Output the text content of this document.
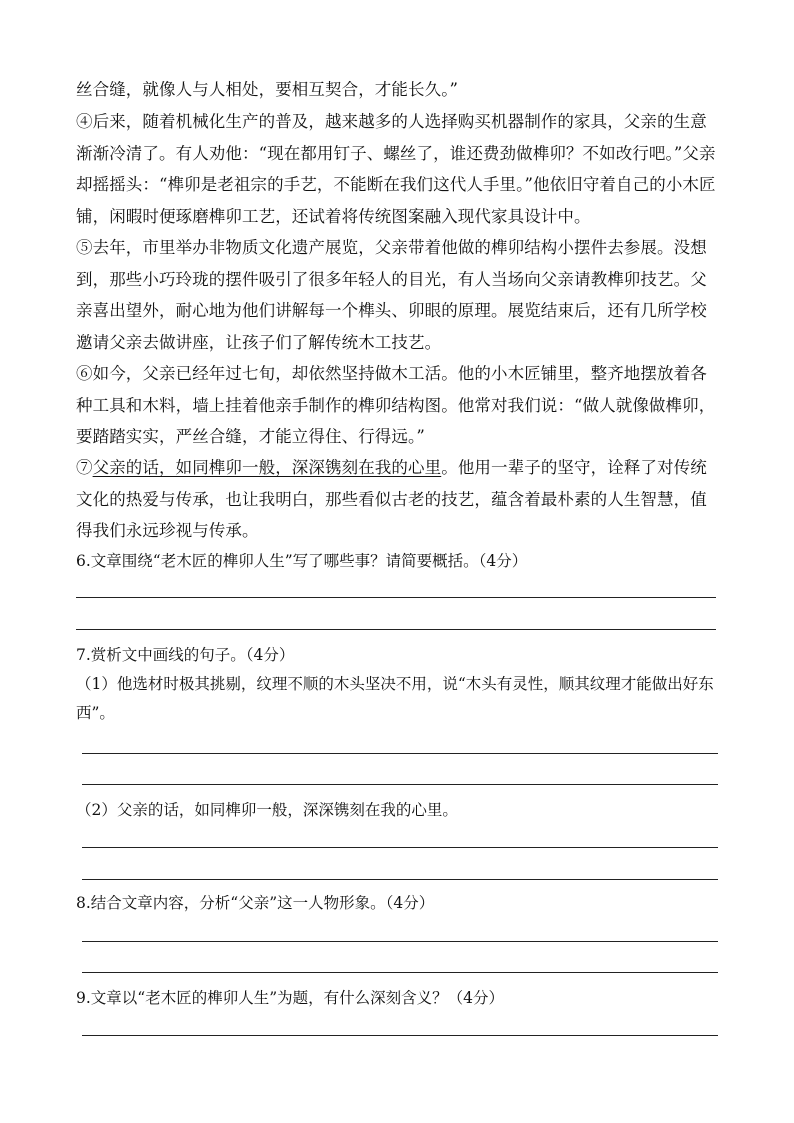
丝合缝，就像人与人相处，要相互契合，才能长久。”

④后来，随着机械化生产的普及，越来越多的人选择购买机器制作的家具，父亲的生意渐渐冷清了。有人劝他：“现在都用钉子、螺丝了，谁还费劲做榫卯？不如改行吧。”父亲却摇摇头：“榫卯是老祖宗的手艺，不能断在我们这代人手里。”他依旧守着自己的小木匠铺，闲暇时便琢磨榫卯工艺，还试着将传统图案融入现代家具设计中。

⑤去年，市里举办非物质文化遗产展览，父亲带着他做的榫卯结构小摆件去参展。没想到，那些小巧玲珑的摆件吸引了很多年轻人的目光，有人当场向父亲请教榫卯技艺。父亲喜出望外，耐心地为他们讲解每一个榫头、卯眼的原理。展览结束后，还有几所学校邀请父亲去做讲座，让孩子们了解传统木工技艺。

⑥如今，父亲已经年过七旬，却依然坚持做木工活。他的小木匠铺里，整齐地摆放着各种工具和木料，墙上挂着他亲手制作的榫卯结构图。他常对我们说：“做人就像做榫卯，要踏踏实实，严丝合缝，才能立得住、行得远。”

⑦父亲的话，如同榫卯一般，深深镌刻在我的心里。他用一辈子的坚守，诠释了对传统文化的热爱与传承，也让我明白，那些看似古老的技艺，蕴含着最朴素的人生智慧，值得我们永远珍视与传承。

6.文章围绕“老木匠的榫卯人生”写了哪些事？请简要概括。（4分）

7.赏析文中画线的句子。（4分）

（1）他选材时极其挑剔，纹理不顺的木头坚决不用，说“木头有灵性，顺其纹理才能做出好东西”。

（2）父亲的话，如同榫卯一般，深深镌刻在我的心里。

8.结合文章内容，分析“父亲”这一人物形象。（4分）

9.文章以“老木匠的榫卯人生”为题，有什么深刻含义？（4分）
